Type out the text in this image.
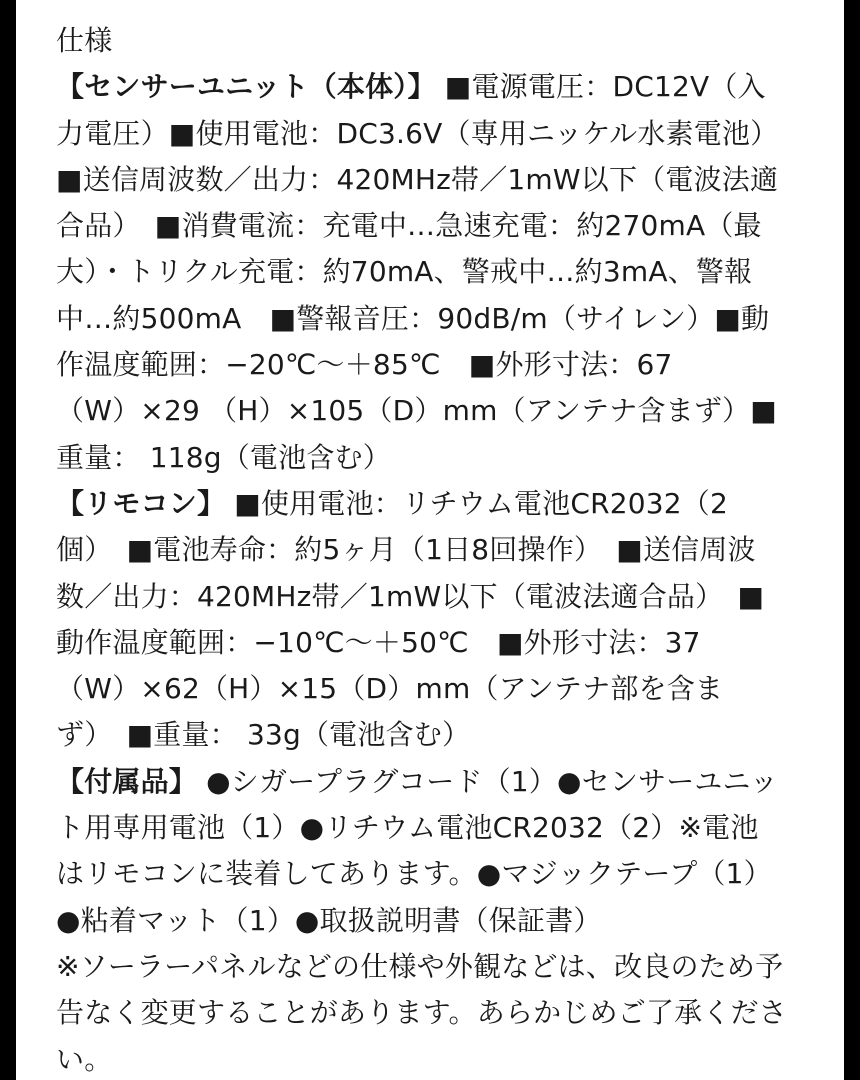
仕様
【センサーユニット（本体）】 ■電源電圧：DC12V（入
力電圧）■使用電池：DC3.6V（専用ニッケル水素電池）
■送信周波数／出力：420MHz帯／1mW以下（電波法適
合品）　■消費電流：充電中…急速充電：約270mA（最
大）・トリクル充電：約70mA、警戒中…約3mA、警報
中…約500mA　■警報音圧：90dB/m（サイレン）■動
作温度範囲：−20℃〜＋85℃　■外形寸法：67
（W）×29 （H）×105（D）mm（アンテナ含まず）■
重量： 118g（電池含む）
【リモコン】 ■使用電池：リチウム電池CR2032（2
個）　■電池寿命：約5ヶ月（1日8回操作）　■送信周波
数／出力：420MHz帯／1mW以下（電波法適合品）　■
動作温度範囲：−10℃〜＋50℃　■外形寸法：37
（W）×62（H）×15（D）mm（アンテナ部を含ま
ず）　■重量： 33g（電池含む）
【付属品】 ●シガープラグコード（1）●センサーユニッ
ト用専用電池（1）●リチウム電池CR2032（2）※電池
はリモコンに装着してあります。●マジックテープ（1）
●粘着マット（1）●取扱説明書（保証書）
※ソーラーパネルなどの仕様や外観などは、改良のため予
告なく変更することがあります。あらかじめご了承くださ
い。
